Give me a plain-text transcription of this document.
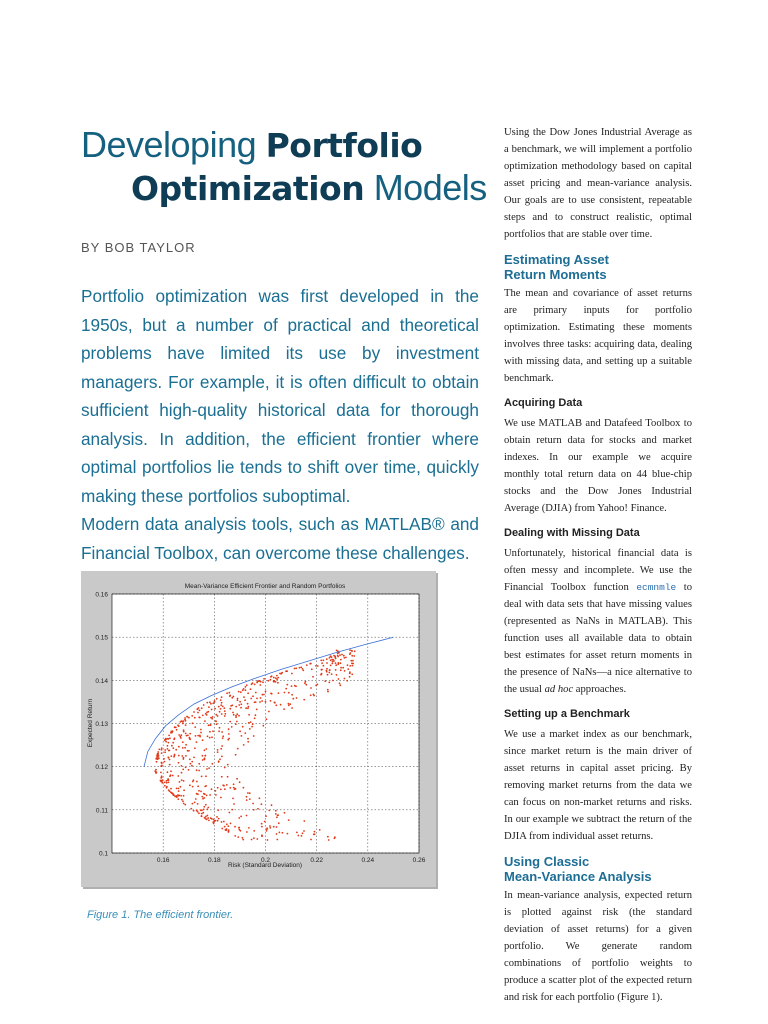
Developing Portfolio
Optimization Models
BY BOB TAYLOR

Portfolio optimization was first developed in the 1950s, but a number of practical and theoretical problems have limited its use by investment managers. For example, it is often difficult to obtain sufficient high-quality historical data for thorough analysis. In addition, the efficient frontier where optimal portfolios lie tends to shift over time, quickly making these portfolios suboptimal.

Modern data analysis tools, such as MATLAB® and Financial Toolbox, can overcome these challenges.

Mean-Variance Efficient Frontier and Random Portfolios
0.16	0.18	0.2	0.22	0.24	0.26
0.1
0.11
0.12
0.13
0.14
0.15
0.16
Risk (Standard Deviation)
Expected Return
Figure 1. The efficient frontier.

Using the Dow Jones Industrial Average as a benchmark, we will implement a portfolio optimization methodology based on capital asset pricing and mean-variance analysis. Our goals are to use consistent, repeatable steps and to construct realistic, optimal portfolios that are stable over time.

Estimating Asset
Return Moments

The mean and covariance of asset returns are primary inputs for portfolio optimization. Estimating these moments involves three tasks: acquiring data, dealing with missing data, and setting up a suitable benchmark.

Acquiring Data

We use MATLAB and Datafeed Toolbox to obtain return data for stocks and market indexes. In our example we acquire monthly total return data on 44 blue-chip stocks and the Dow Jones Industrial Average (DJIA) from Yahoo! Finance.

Dealing with Missing Data

Unfortunately, historical financial data is often messy and incomplete. We use the Financial Toolbox function ecmnmle to deal with data sets that have missing values (represented as NaNs in MATLAB). This function uses all available data to obtain best estimates for asset return moments in the presence of NaNs—a nice alternative to the usual ad hoc approaches.

Setting up a Benchmark

We use a market index as our benchmark, since market return is the main driver of asset returns in capital asset pricing. By removing market returns from the data we can focus on non-market returns and risks. In our example we subtract the return of the DJIA from individual asset returns.

Using Classic
Mean-Variance Analysis

In mean-variance analysis, expected return is plotted against risk (the standard deviation of asset returns) for a given portfolio. We generate random combinations of portfolio weights to produce a scatter plot of the expected return and risk for each portfolio (Figure 1).
